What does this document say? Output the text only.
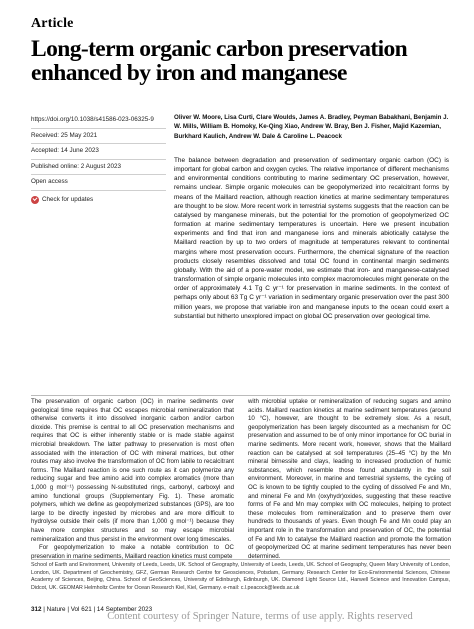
Article
Long-term organic carbon preservation enhanced by iron and manganese
https://doi.org/10.1038/s41586-023-06325-9
Received: 25 May 2021
Accepted: 14 June 2023
Published online: 2 August 2023
Open access
Check for updates
Oliver W. Moore, Lisa Curti, Clare Woulds, James A. Bradley, Peyman Babakhani, Benjamin J. W. Mills, William B. Homoky, Ke-Qing Xiao, Andrew W. Bray, Ben J. Fisher, Majid Kazemian, Burkhard Kaulich, Andrew W. Dale & Caroline L. Peacock

The balance between degradation and preservation of sedimentary organic carbon (OC) is important for global carbon and oxygen cycles. The relative importance of different mechanisms and environmental conditions contributing to marine sedimentary OC preservation, however, remains unclear. Simple organic molecules can be geopolymerized into recalcitrant forms by means of the Maillard reaction, although reaction kinetics at marine sedimentary temperatures are thought to be slow. More recent work in terrestrial systems suggests that the reaction can be catalysed by manganese minerals, but the potential for the promotion of geopolymerized OC formation at marine sedimentary temperatures is uncertain. Here we present incubation experiments and find that iron and manganese ions and minerals abiotically catalyse the Maillard reaction by up to two orders of magnitude at temperatures relevant to continental margins where most preservation occurs. Furthermore, the chemical signature of the reaction products closely resembles dissolved and total OC found in continental margin sediments globally. With the aid of a pore-water model, we estimate that iron- and manganese-catalysed transformation of simple organic molecules into complex macromolecules might generate on the order of approximately 4.1 Tg C yr⁻¹ for preservation in marine sediments. In the context of perhaps only about 63 Tg C yr⁻¹ variation in sedimentary organic preservation over the past 300 million years, we propose that variable iron and manganese inputs to the ocean could exert a substantial but hitherto unexplored impact on global OC preservation over geological time.

The preservation of organic carbon (OC) in marine sediments over geological time requires that OC escapes microbial remineralization that otherwise converts it into dissolved inorganic carbon and/or carbon dioxide. This premise is central to all OC preservation mechanisms and requires that OC is either inherently stable or is made stable against microbial breakdown. The latter pathway to preservation is most often associated with the interaction of OC with mineral matrices, but other routes may also involve the transformation of OC from labile to recalcitrant forms. The Maillard reaction is one such route as it can polymerize any reducing sugar and free amino acid into complex aromatics (more than 1,000 g mol⁻¹) possessing N-substituted rings, carbonyl, carboxyl and amino functional groups (Supplementary Fig. 1). These aromatic polymers, which we define as geopolymerized substances (GPS), are too large to be directly ingested by microbes and are more difficult to hydrolyse outside their cells (if more than 1,000 g mol⁻¹) because they have more complex structures and so may escape microbial remineralization and thus persist in the environment over long timescales.

For geopolymerization to make a notable contribution to OC preservation in marine sediments, Maillard reaction kinetics must compete

with microbial uptake or remineralization of reducing sugars and amino acids. Maillard reaction kinetics at marine sediment temperatures (around 10 °C), however, are thought to be extremely slow. As a result, geopolymerization has been largely discounted as a mechanism for OC preservation and assumed to be of only minor importance for OC burial in marine sediments. More recent work, however, shows that the Maillard reaction can be catalysed at soil temperatures (25–45 °C) by the Mn mineral birnessite and clays, leading to increased production of humic substances, which resemble those found abundantly in the soil environment. Moreover, in marine and terrestrial systems, the cycling of OC is known to be tightly coupled to the cycling of dissolved Fe and Mn, and mineral Fe and Mn (oxyhydr)oxides, suggesting that these reactive forms of Fe and Mn may complex with OC molecules, helping to protect these molecules from remineralization and to preserve them over hundreds to thousands of years. Even though Fe and Mn could play an important role in the transformation and preservation of OC, the potential of Fe and Mn to catalyse the Maillard reaction and promote the formation of geopolymerized OC at marine sediment temperatures has never been determined.

School of Earth and Environment, University of Leeds, Leeds, UK. School of Geography, University of Leeds, Leeds, UK. School of Geography, Queen Mary University of London, London, UK. Department of Geochemistry, GFZ, German Research Centre for Geosciences, Potsdam, Germany. Research Center for Eco-Environmental Sciences, Chinese Academy of Sciences, Beijing, China. School of GeoSciences, University of Edinburgh, Edinburgh, UK. Diamond Light Source Ltd., Harwell Science and Innovation Campus, Didcot, UK. GEOMAR Helmholtz Centre for Ocean Research Kiel, Kiel, Germany. e-mail: c.l.peacock@leeds.ac.uk
312 | Nature | Vol 621 | 14 September 2023
Content courtesy of Springer Nature, terms of use apply. Rights reserved
